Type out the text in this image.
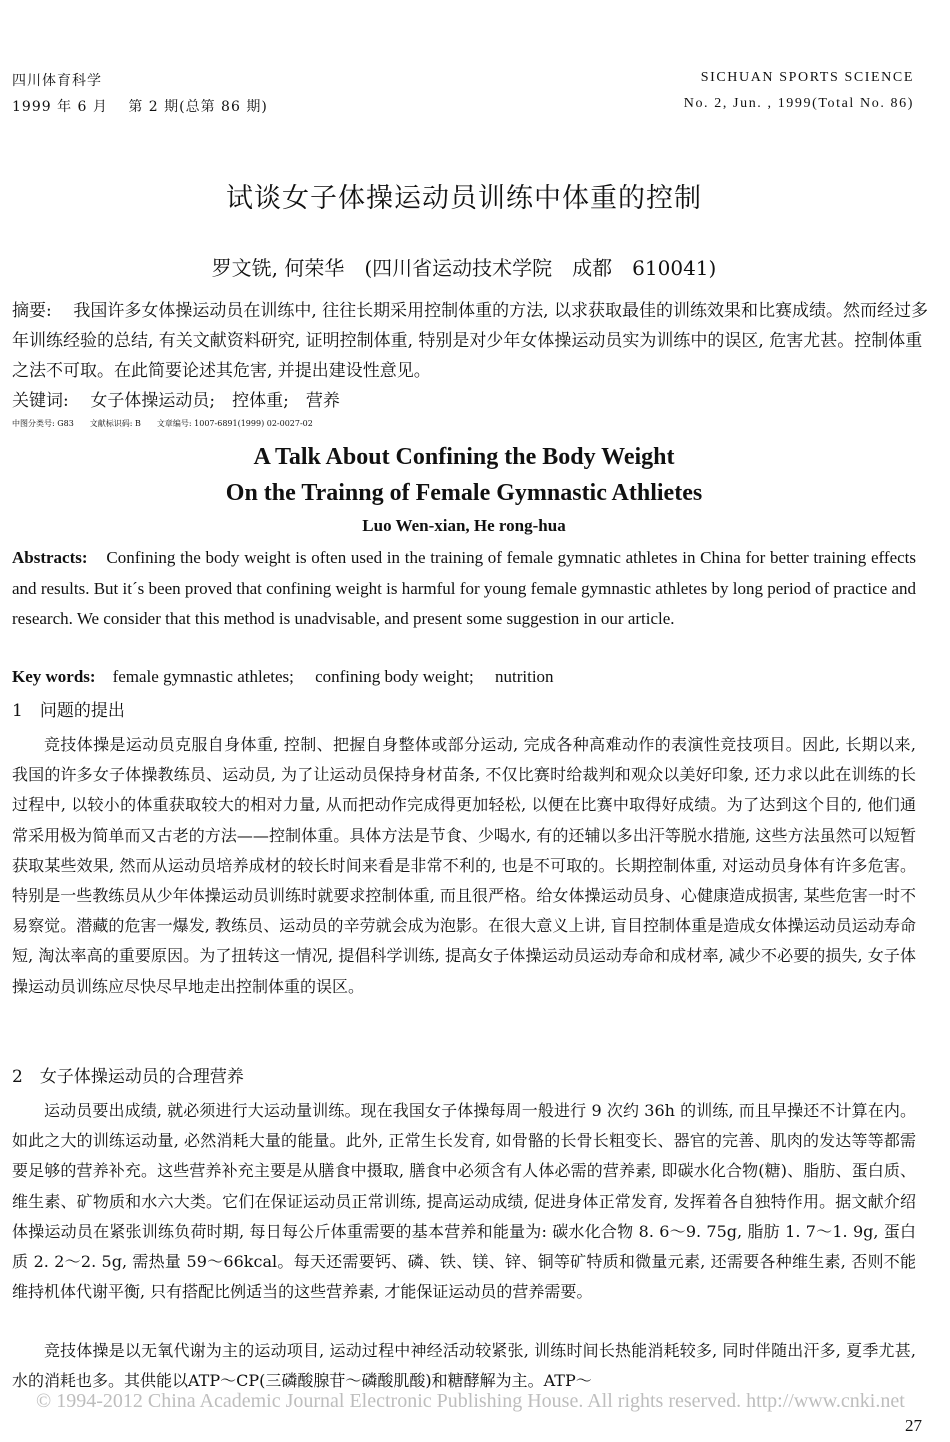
四川体育科学
1999 年 6 月　 第 2 期(总第 86 期)
SICHUAN SPORTS SCIENCE
No. 2, Jun. , 1999(Total No. 86)
试谈女子体操运动员训练中体重的控制
罗文铣, 何荣华　(四川省运动技术学院　成都　610041)
摘要: 我国许多女体操运动员在训练中, 往往长期采用控制体重的方法, 以求获取最佳的训练效果和比赛成绩。然而经过多年训练经验的总结, 有关文献资料研究, 证明控制体重, 特别是对少年女体操运动员实为训练中的误区, 危害尤甚。控制体重之法不可取。在此简要论述其危害, 并提出建设性意见。
关键词: 女子体操运动员;　控体重;　营养
中图分类号: G83　　文献标识码: B　　文章编号: 1007-6891(1999) 02-0027-02
A Talk About Confining the Body Weight
On the Trainng of Female Gymnastic Athlietes
Luo Wen-xian, He rong-hua
Abstracts: Confining the body weight is often used in the training of female gymnatic athletes in China for better training effects and results. But it´s been proved that confining weight is harmful for young female gymnastic athletes by long period of practice and research. We consider that this method is unadvisable, and present some suggestion in our article.
Key words: female gymnastic athletes;　 confining body weight;　 nutrition
1　问题的提出
竞技体操是运动员克服自身体重, 控制、把握自身整体或部分运动, 完成各种高难动作的表演性竞技项目。因此, 长期以来, 我国的许多女子体操教练员、运动员, 为了让运动员保持身材苗条, 不仅比赛时给裁判和观众以美好印象, 还力求以此在训练的长过程中, 以较小的体重获取较大的相对力量, 从而把动作完成得更加轻松, 以便在比赛中取得好成绩。为了达到这个目的, 他们通常采用极为简单而又古老的方法——控制体重。具体方法是节食、少喝水, 有的还辅以多出汗等脱水措施, 这些方法虽然可以短暂获取某些效果, 然而从运动员培养成材的较长时间来看是非常不利的, 也是不可取的。长期控制体重, 对运动员身体有许多危害。特别是一些教练员从少年体操运动员训练时就要求控制体重, 而且很严格。给女体操运动员身、心健康造成损害, 某些危害一时不易察觉。潜藏的危害一爆发, 教练员、运动员的辛劳就会成为泡影。在很大意义上讲, 盲目控制体重是造成女体操运动员运动寿命短, 淘汰率高的重要原因。为了扭转这一情况, 提倡科学训练, 提高女子体操运动员运动寿命和成材率, 减少不必要的损失, 女子体操运动员训练应尽快尽早地走出控制体重的误区。
2　女子体操运动员的合理营养
运动员要出成绩, 就必须进行大运动量训练。现在我国女子体操每周一般进行 9 次约 36h 的训练, 而且早操还不计算在内。如此之大的训练运动量, 必然消耗大量的能量。此外, 正常生长发育, 如骨骼的长骨长粗变长、器官的完善、肌肉的发达等等都需要足够的营养补充。这些营养补充主要是从膳食中摄取, 膳食中必须含有人体必需的营养素, 即碳水化合物(糖)、脂肪、蛋白质、维生素、矿物质和水六大类。它们在保证运动员正常训练, 提高运动成绩, 促进身体正常发育, 发挥着各自独特作用。据文献介绍体操运动员在紧张训练负荷时期, 每日每公斤体重需要的基本营养和能量为: 碳水化合物 8. 6～9. 75g, 脂肪 1. 7～1. 9g, 蛋白质 2. 2～2. 5g, 需热量 59～66kcal。每天还需要钙、磷、铁、镁、锌、铜等矿特质和微量元素, 还需要各种维生素, 否则不能维持机体代谢平衡, 只有搭配比例适当的这些营养素, 才能保证运动员的营养需要。
竞技体操是以无氧代谢为主的运动项目, 运动过程中神经活动较紧张, 训练时间长热能消耗较多, 同时伴随出汗多, 夏季尤甚, 水的消耗也多。其供能以ATP～CP(三磷酸腺苷～磷酸肌酸)和糖酵解为主。ATP～
© 1994-2012 China Academic Journal Electronic Publishing House. All rights reserved. http://www.cnki.net
27
